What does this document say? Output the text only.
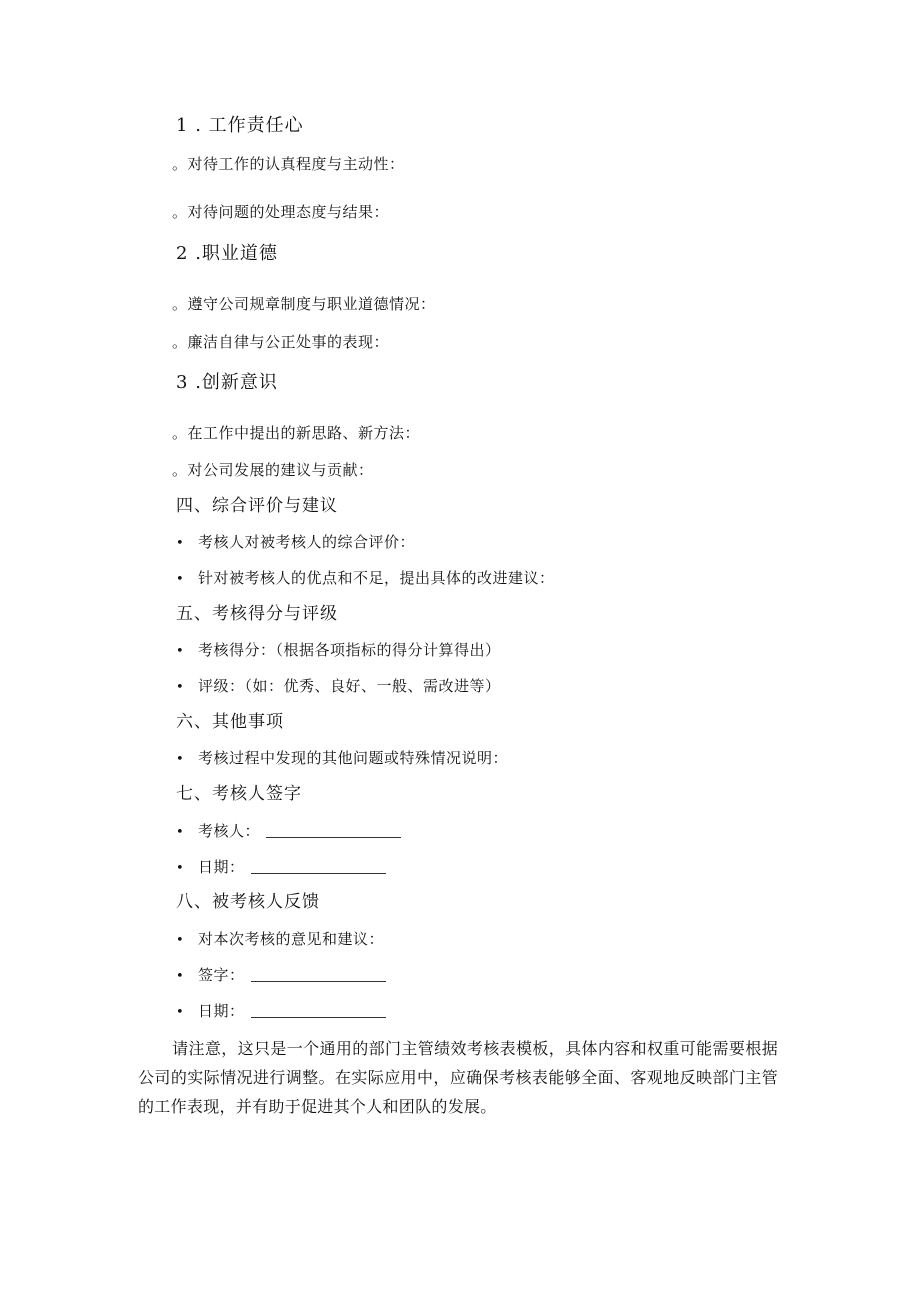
1 . 工作责任心
。对待工作的认真程度与主动性：
。对待问题的处理态度与结果：
2 .职业道德
。遵守公司规章制度与职业道德情况：
。廉洁自律与公正处事的表现：
3 .创新意识
。在工作中提出的新思路、新方法：
。对公司发展的建议与贡献：
四、综合评价与建议
• 考核人对被考核人的综合评价：
• 针对被考核人的优点和不足，提出具体的改进建议：
五、考核得分与评级
• 考核得分：（根据各项指标的得分计算得出）
• 评级：（如：优秀、良好、一般、需改进等）
六、其他事项
• 考核过程中发现的其他问题或特殊情况说明：
七、考核人签字
• 考核人：
• 日期：
八、被考核人反馈
• 对本次考核的意见和建议：
• 签字：
• 日期：

请注意，这只是一个通用的部门主管绩效考核表模板，具体内容和权重可能需要根据公司的实际情况进行调整。在实际应用中，应确保考核表能够全面、客观地反映部门主管的工作表现，并有助于促进其个人和团队的发展。
